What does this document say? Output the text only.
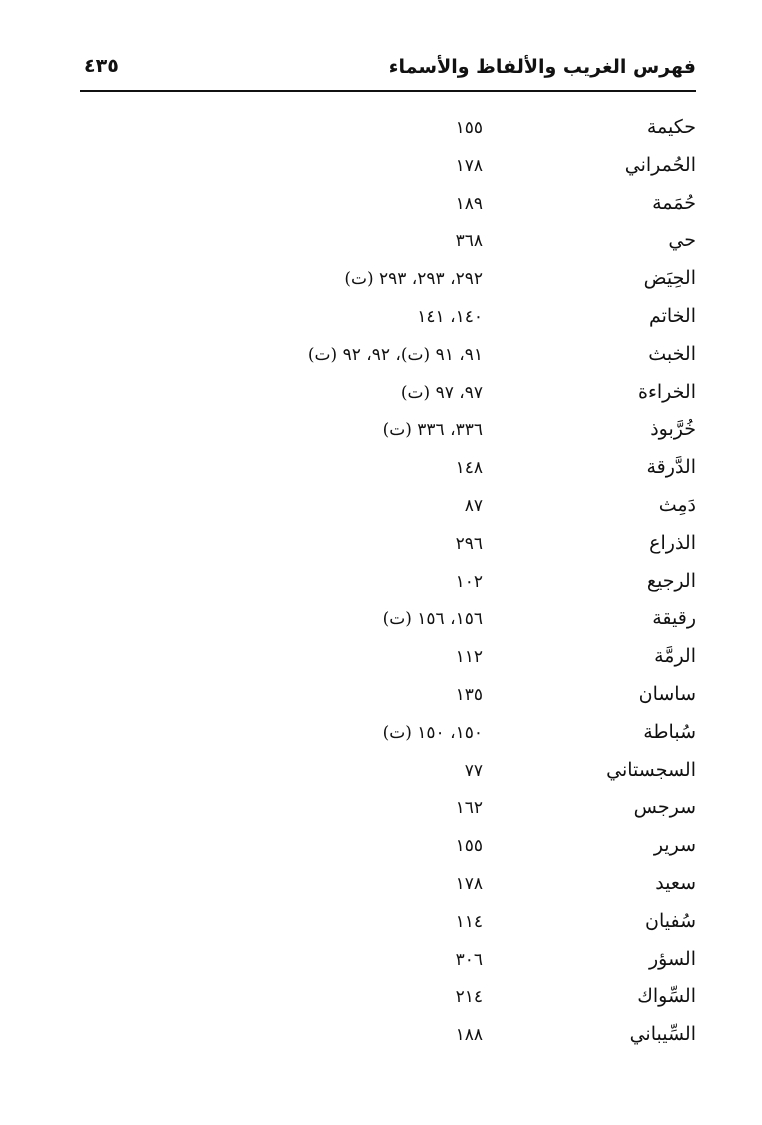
فهرس الغريب والألفاظ والأسماء
٤٣٥
حكيمة
١٥٥
الحُمراني
١٧٨
حُمَمة
١٨٩
حي
٣٦٨
الحِيَض
٢٩٢، ٢٩٣، ٢٩٣ (ت)
الخاتم
١٤٠، ١٤١
الخبث
٩١، ٩١ (ت)، ٩٢، ٩٢ (ت)
الخراءة
٩٧، ٩٧ (ت)
خُرَّبوذ
٣٣٦، ٣٣٦ (ت)
الدَّرقة
١٤٨
دَمِث
٨٧
الذراع
٢٩٦
الرجيع
١٠٢
رقيقة
١٥٦، ١٥٦ (ت)
الرمَّة
١١٢
ساسان
١٣٥
سُباطة
١٥٠، ١٥٠ (ت)
السجستاني
٧٧
سرجس
١٦٢
سرير
١٥٥
سعيد
١٧٨
سُفيان
١١٤
السؤر
٣٠٦
السِّواك
٢١٤
السِّيباني
١٨٨
